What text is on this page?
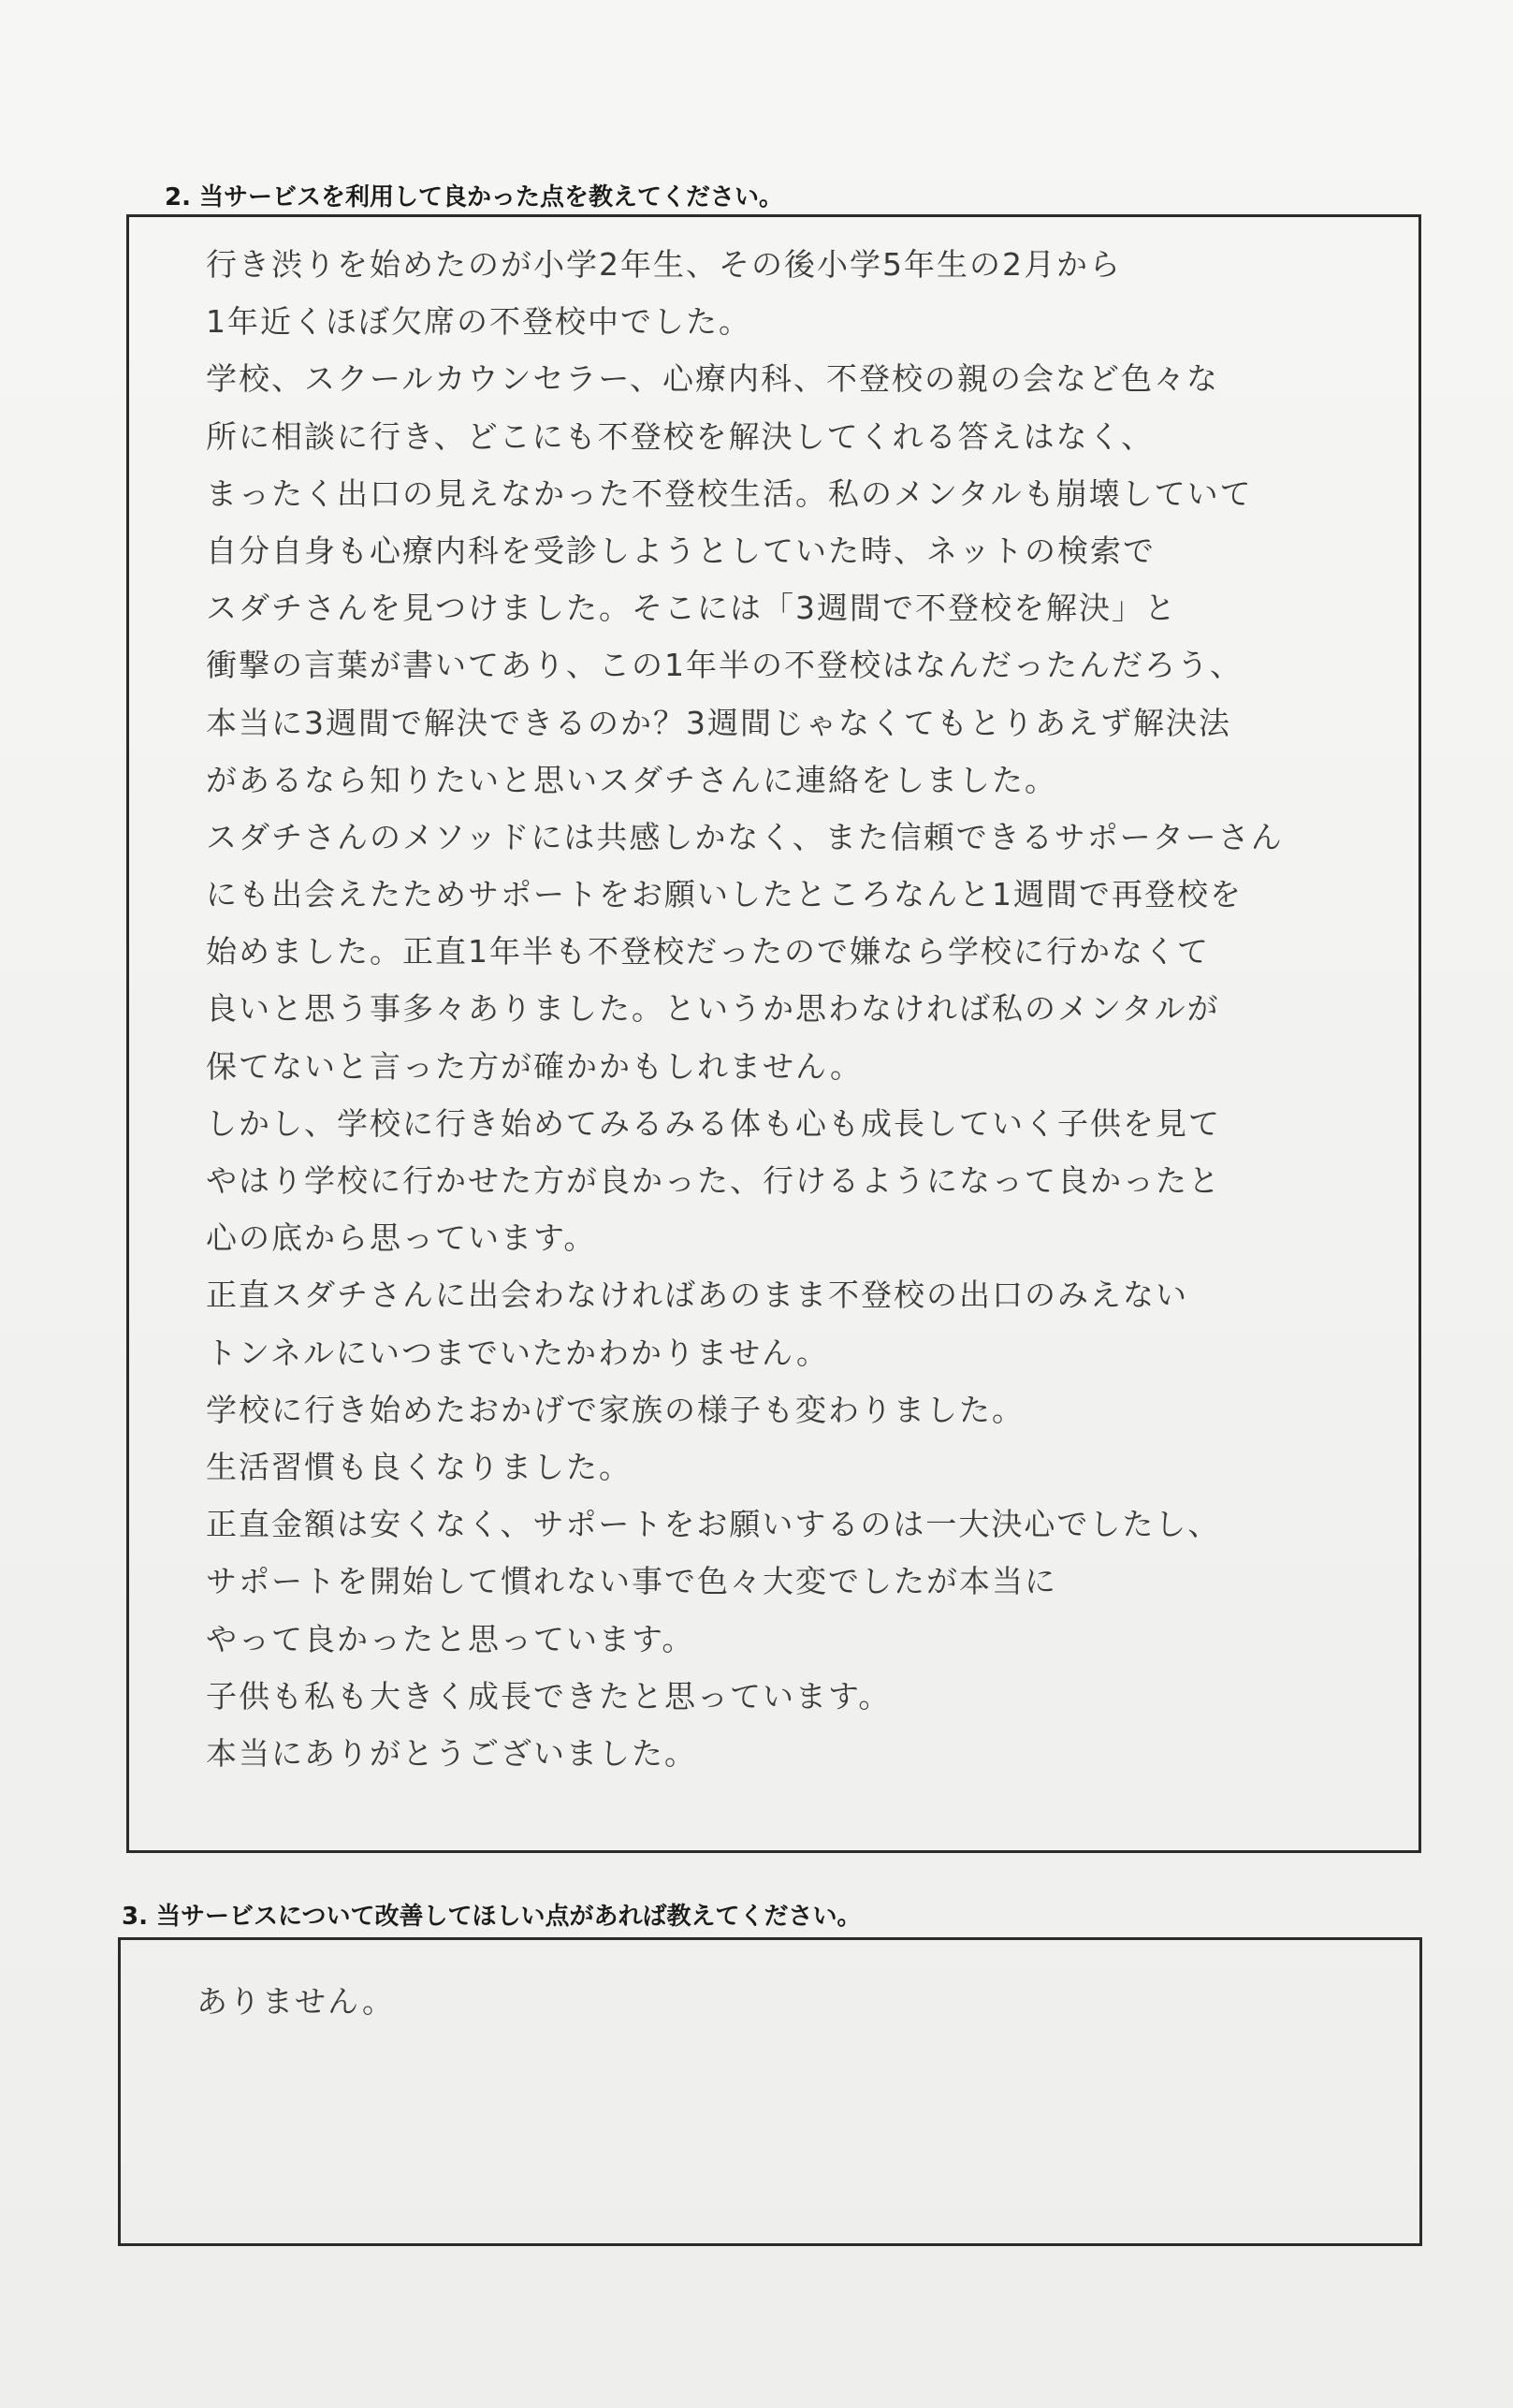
2. 当サービスを利用して良かった点を教えてください。
行き渋りを始めたのが小学2年生、その後小学5年生の2月から
1年近くほぼ欠席の不登校中でした。
学校、スクールカウンセラー、心療内科、不登校の親の会など色々な
所に相談に行き、どこにも不登校を解決してくれる答えはなく、
まったく出口の見えなかった不登校生活。私のメンタルも崩壊していて
自分自身も心療内科を受診しようとしていた時、ネットの検索で
スダチさんを見つけました。そこには「3週間で不登校を解決」と
衝撃の言葉が書いてあり、この1年半の不登校はなんだったんだろう、
本当に3週間で解決できるのか？3週間じゃなくてもとりあえず解決法
があるなら知りたいと思いスダチさんに連絡をしました。
スダチさんのメソッドには共感しかなく、また信頼できるサポーターさん
にも出会えたためサポートをお願いしたところなんと1週間で再登校を
始めました。正直1年半も不登校だったので嫌なら学校に行かなくて
良いと思う事多々ありました。というか思わなければ私のメンタルが
保てないと言った方が確かかもしれません。
しかし、学校に行き始めてみるみる体も心も成長していく子供を見て
やはり学校に行かせた方が良かった、行けるようになって良かったと
心の底から思っています。
正直スダチさんに出会わなければあのまま不登校の出口のみえない
トンネルにいつまでいたかわかりません。
学校に行き始めたおかげで家族の様子も変わりました。
生活習慣も良くなりました。
正直金額は安くなく、サポートをお願いするのは一大決心でしたし、
サポートを開始して慣れない事で色々大変でしたが本当に
やって良かったと思っています。
子供も私も大きく成長できたと思っています。
本当にありがとうございました。
3. 当サービスについて改善してほしい点があれば教えてください。
ありません。
